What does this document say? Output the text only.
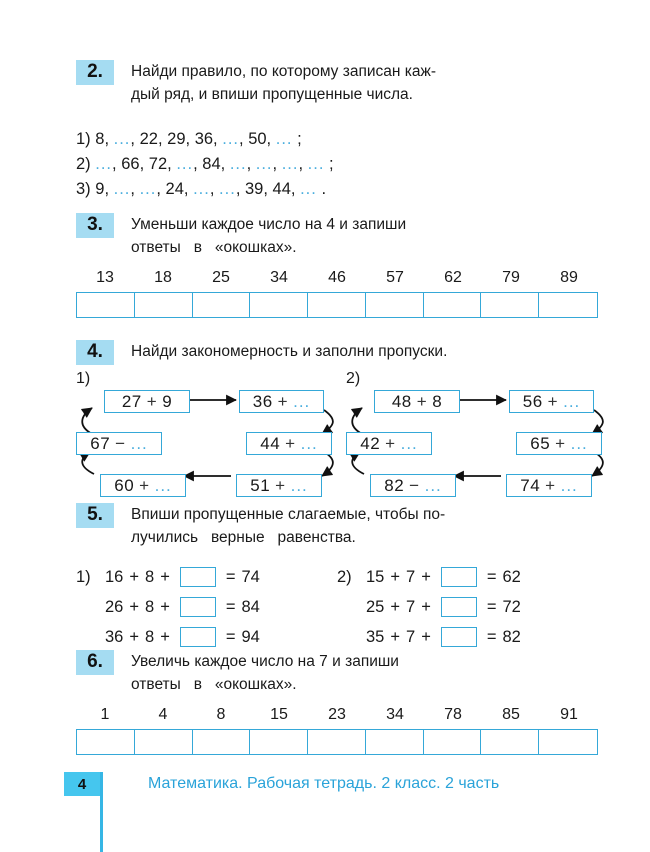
2.	Найди правило, по которому записан каж-
дый ряд, и впиши пропущенные числа.
1) 8, ..., 22, 29, 36, ..., 50, ... ;
2) ..., 66, 72, ..., 84, ..., ..., ..., ... ;
3) 9, ..., ..., 24, ..., ..., 39, 44, ... .
3.	Уменьши каждое число на 4 и запиши
ответы   в   «окошках».
13	18	25	34	46	57	62	79	89
4.	Найди закономерность и заполни пропуски.
1)
27 + 9	36 + ...
44 + ...
51 + ...
60 + ...
67 − ...
2)
48 + 8	56 + ...
65 + ...
74 + ...
82 − ...
42 + ...
5.	Впиши пропущенные слагаемые, чтобы по-
лучились   верные   равенства.
1) 16 + 8 +	= 74
26 + 8 +	= 84
36 + 8 +	= 94
2) 15 + 7 +	= 62
25 + 7 +	= 72
35 + 7 +	= 82
6.	Увеличь каждое число на 7 и запиши
ответы   в   «окошках».
1	4	8	15	23	34	78	85	91
4	Математика. Рабочая тетрадь. 2 класс. 2 часть
